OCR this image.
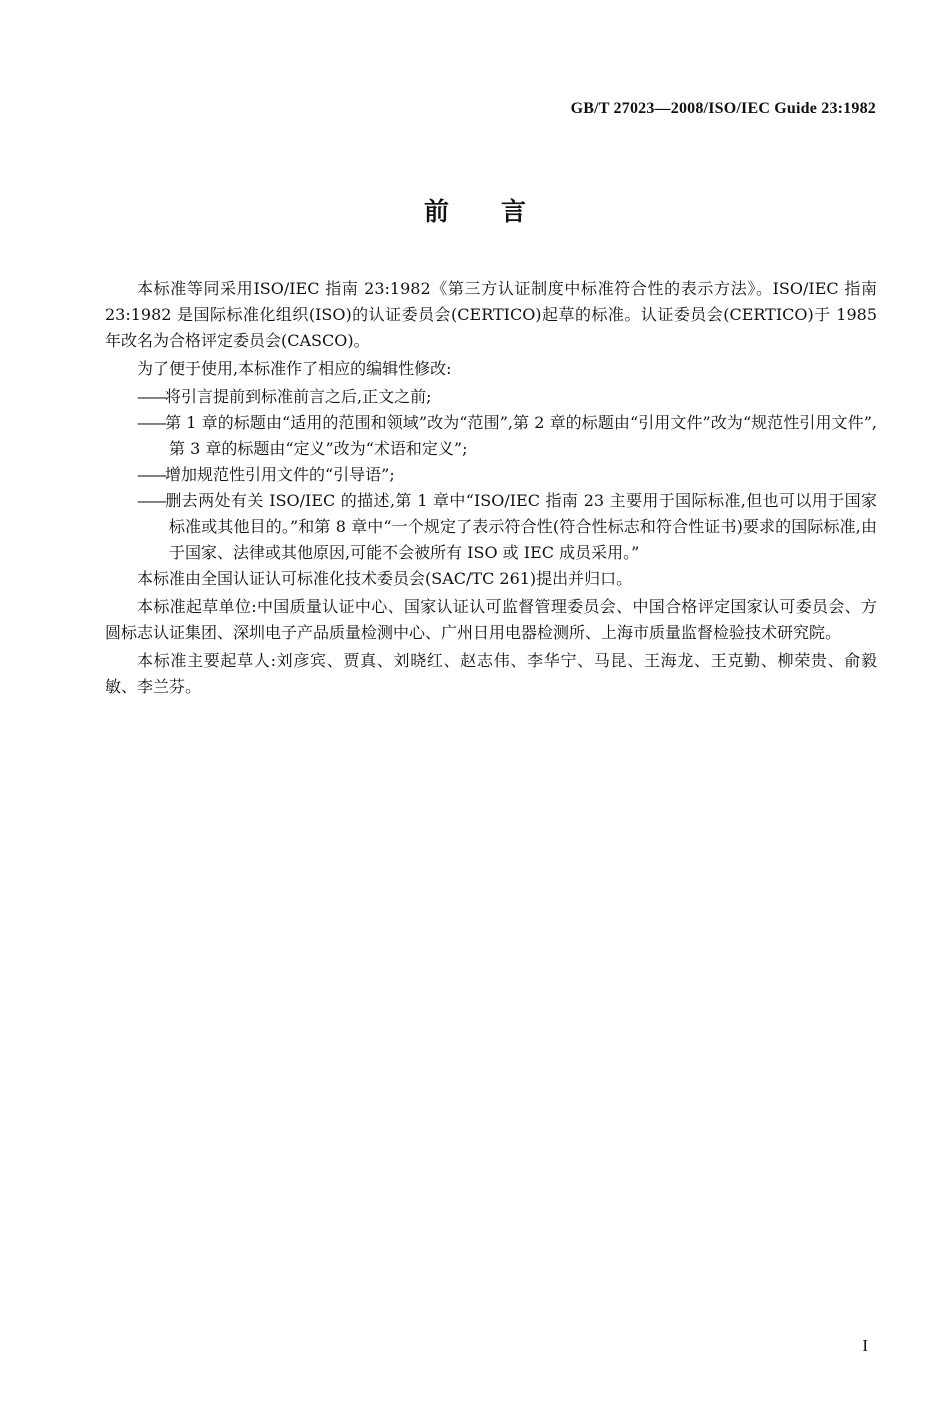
GB/T 27023—2008/ISO/IEC Guide 23:1982
前言

本标准等同采用ISO/IEC 指南 23:1982《第三方认证制度中标准符合性的表示方法》。ISO/IEC 指南 23:1982 是国际标准化组织(ISO)的认证委员会(CERTICO)起草的标准。认证委员会(CERTICO)于 1985 年改名为合格评定委员会(CASCO)。

为了便于使用,本标准作了相应的编辑性修改:

——将引言提前到标准前言之后,正文之前;

——第 1 章的标题由“适用的范围和领域”改为“范围”,第 2 章的标题由“引用文件”改为“规范性引用文件”,第 3 章的标题由“定义”改为“术语和定义”;

——增加规范性引用文件的“引导语”;

——删去两处有关 ISO/IEC 的描述,第 1 章中“ISO/IEC 指南 23 主要用于国际标准,但也可以用于国家标准或其他目的。”和第 8 章中“一个规定了表示符合性(符合性标志和符合性证书)要求的国际标准,由于国家、法律或其他原因,可能不会被所有 ISO 或 IEC 成员采用。”

本标准由全国认证认可标准化技术委员会(SAC/TC 261)提出并归口。

本标准起草单位:中国质量认证中心、国家认证认可监督管理委员会、中国合格评定国家认可委员会、方圆标志认证集团、深圳电子产品质量检测中心、广州日用电器检测所、上海市质量监督检验技术研究院。

本标准主要起草人:刘彦宾、贾真、刘晓红、赵志伟、李华宁、马昆、王海龙、王克勤、柳荣贵、俞毅敏、李兰芬。

I
